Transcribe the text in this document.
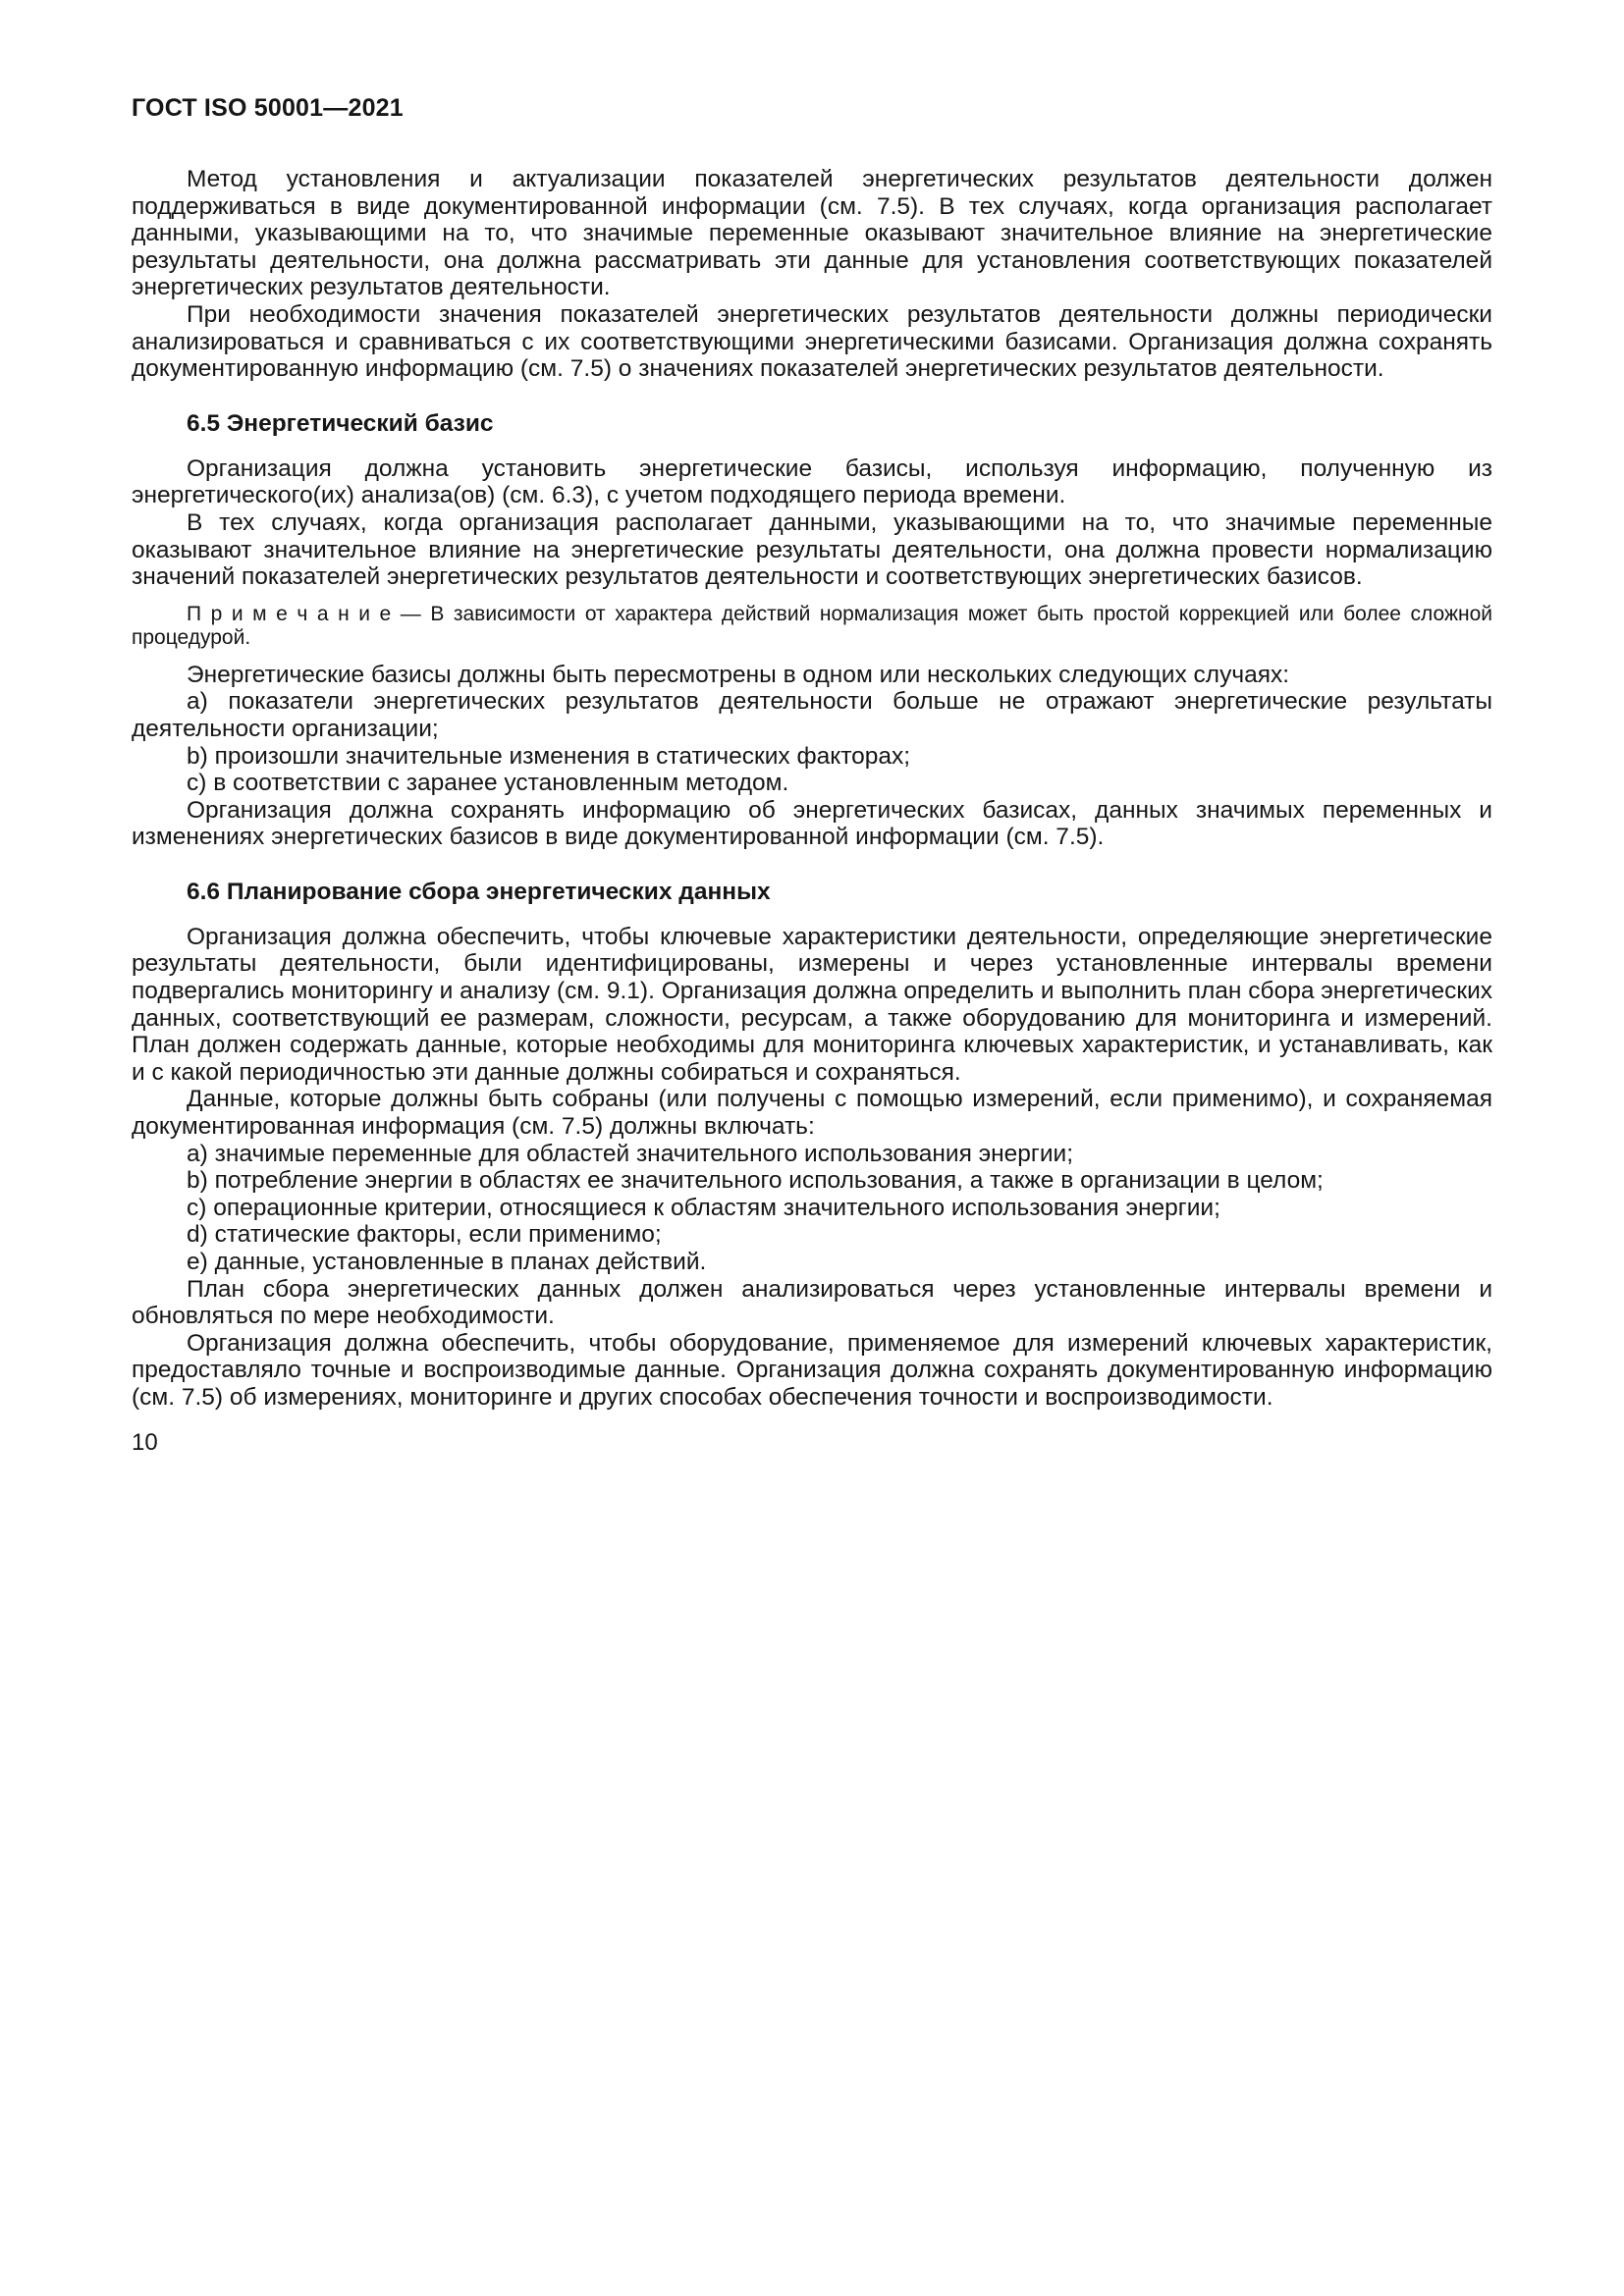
ГОСТ ISO 50001—2021

Метод установления и актуализации показателей энергетических результатов деятельности должен поддерживаться в виде документированной информации (см. 7.5). В тех случаях, когда организация располагает данными, указывающими на то, что значимые переменные оказывают значительное влияние на энергетические результаты деятельности, она должна рассматривать эти данные для установления соответствующих показателей энергетических результатов деятельности.

При необходимости значения показателей энергетических результатов деятельности должны периодически анализироваться и сравниваться с их соответствующими энергетическими базисами. Организация должна сохранять документированную информацию (см. 7.5) о значениях показателей энергетических результатов деятельности.

6.5 Энергетический базис

Организация должна установить энергетические базисы, используя информацию, полученную из энергетического(их) анализа(ов) (см. 6.3), с учетом подходящего периода времени.

В тех случаях, когда организация располагает данными, указывающими на то, что значимые переменные оказывают значительное влияние на энергетические результаты деятельности, она должна провести нормализацию значений показателей энергетических результатов деятельности и соответствующих энергетических базисов.

П р и м е ч а н и е — В зависимости от характера действий нормализация может быть простой коррекцией или более сложной процедурой.

Энергетические базисы должны быть пересмотрены в одном или нескольких следующих случаях:

a) показатели энергетических результатов деятельности больше не отражают энергетические результаты деятельности организации;

b) произошли значительные изменения в статических факторах;

c) в соответствии с заранее установленным методом.

Организация должна сохранять информацию об энергетических базисах, данных значимых переменных и изменениях энергетических базисов в виде документированной информации (см. 7.5).

6.6 Планирование сбора энергетических данных

Организация должна обеспечить, чтобы ключевые характеристики деятельности, определяющие энергетические результаты деятельности, были идентифицированы, измерены и через установленные интервалы времени подвергались мониторингу и анализу (см. 9.1). Организация должна определить и выполнить план сбора энергетических данных, соответствующий ее размерам, сложности, ресурсам, а также оборудованию для мониторинга и измерений. План должен содержать данные, которые необходимы для мониторинга ключевых характеристик, и устанавливать, как и с какой периодичностью эти данные должны собираться и сохраняться.

Данные, которые должны быть собраны (или получены с помощью измерений, если применимо), и сохраняемая документированная информация (см. 7.5) должны включать:

a) значимые переменные для областей значительного использования энергии;

b) потребление энергии в областях ее значительного использования, а также в организации в целом;

c) операционные критерии, относящиеся к областям значительного использования энергии;

d) статические факторы, если применимо;

e) данные, установленные в планах действий.

План сбора энергетических данных должен анализироваться через установленные интервалы времени и обновляться по мере необходимости.

Организация должна обеспечить, чтобы оборудование, применяемое для измерений ключевых характеристик, предоставляло точные и воспроизводимые данные. Организация должна сохранять документированную информацию (см. 7.5) об измерениях, мониторинге и других способах обеспечения точности и воспроизводимости.

10
